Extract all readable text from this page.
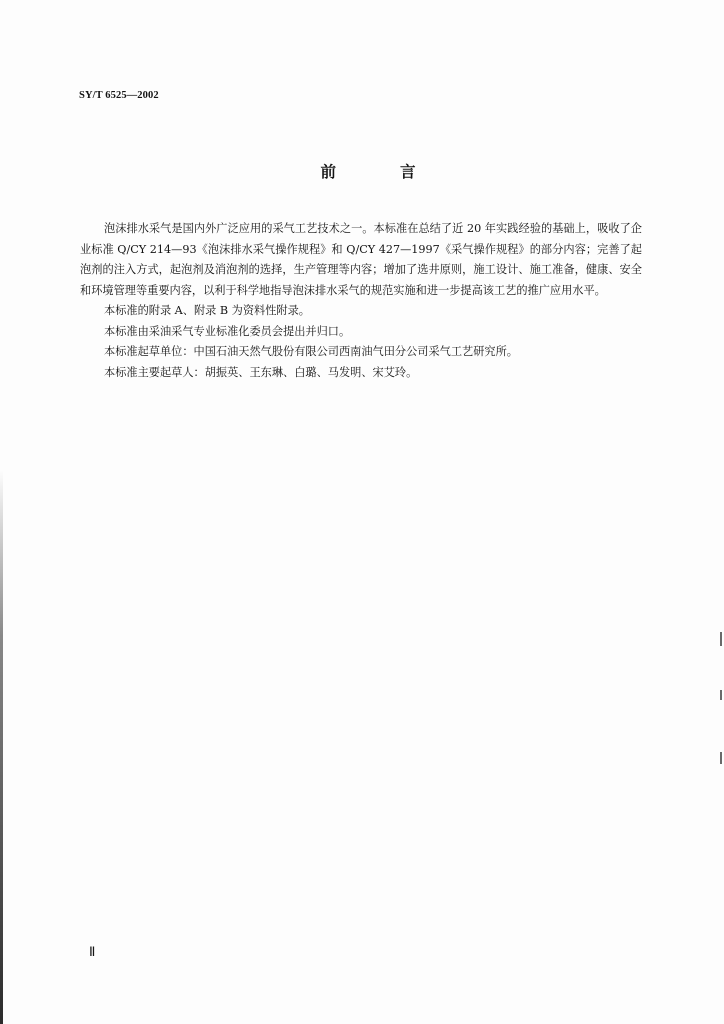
SY/T 6525—2002
前	言

泡沫排水采气是国内外广泛应用的采气工艺技术之一。本标准在总结了近 20 年实践经验的基础上，吸收了企业标准 Q/CY 214—93《泡沫排水采气操作规程》和 Q/CY 427—1997《采气操作规程》的部分内容；完善了起泡剂的注入方式，起泡剂及消泡剂的选择，生产管理等内容；增加了选井原则，施工设计、施工准备，健康、安全和环境管理等重要内容，以利于科学地指导泡沫排水采气的规范实施和进一步提高该工艺的推广应用水平。

本标准的附录 A、附录 B 为资料性附录。

本标准由采油采气专业标准化委员会提出并归口。

本标准起草单位：中国石油天然气股份有限公司西南油气田分公司采气工艺研究所。

本标准主要起草人：胡振英、王东琳、白璐、马发明、宋艾玲。

Ⅱ
